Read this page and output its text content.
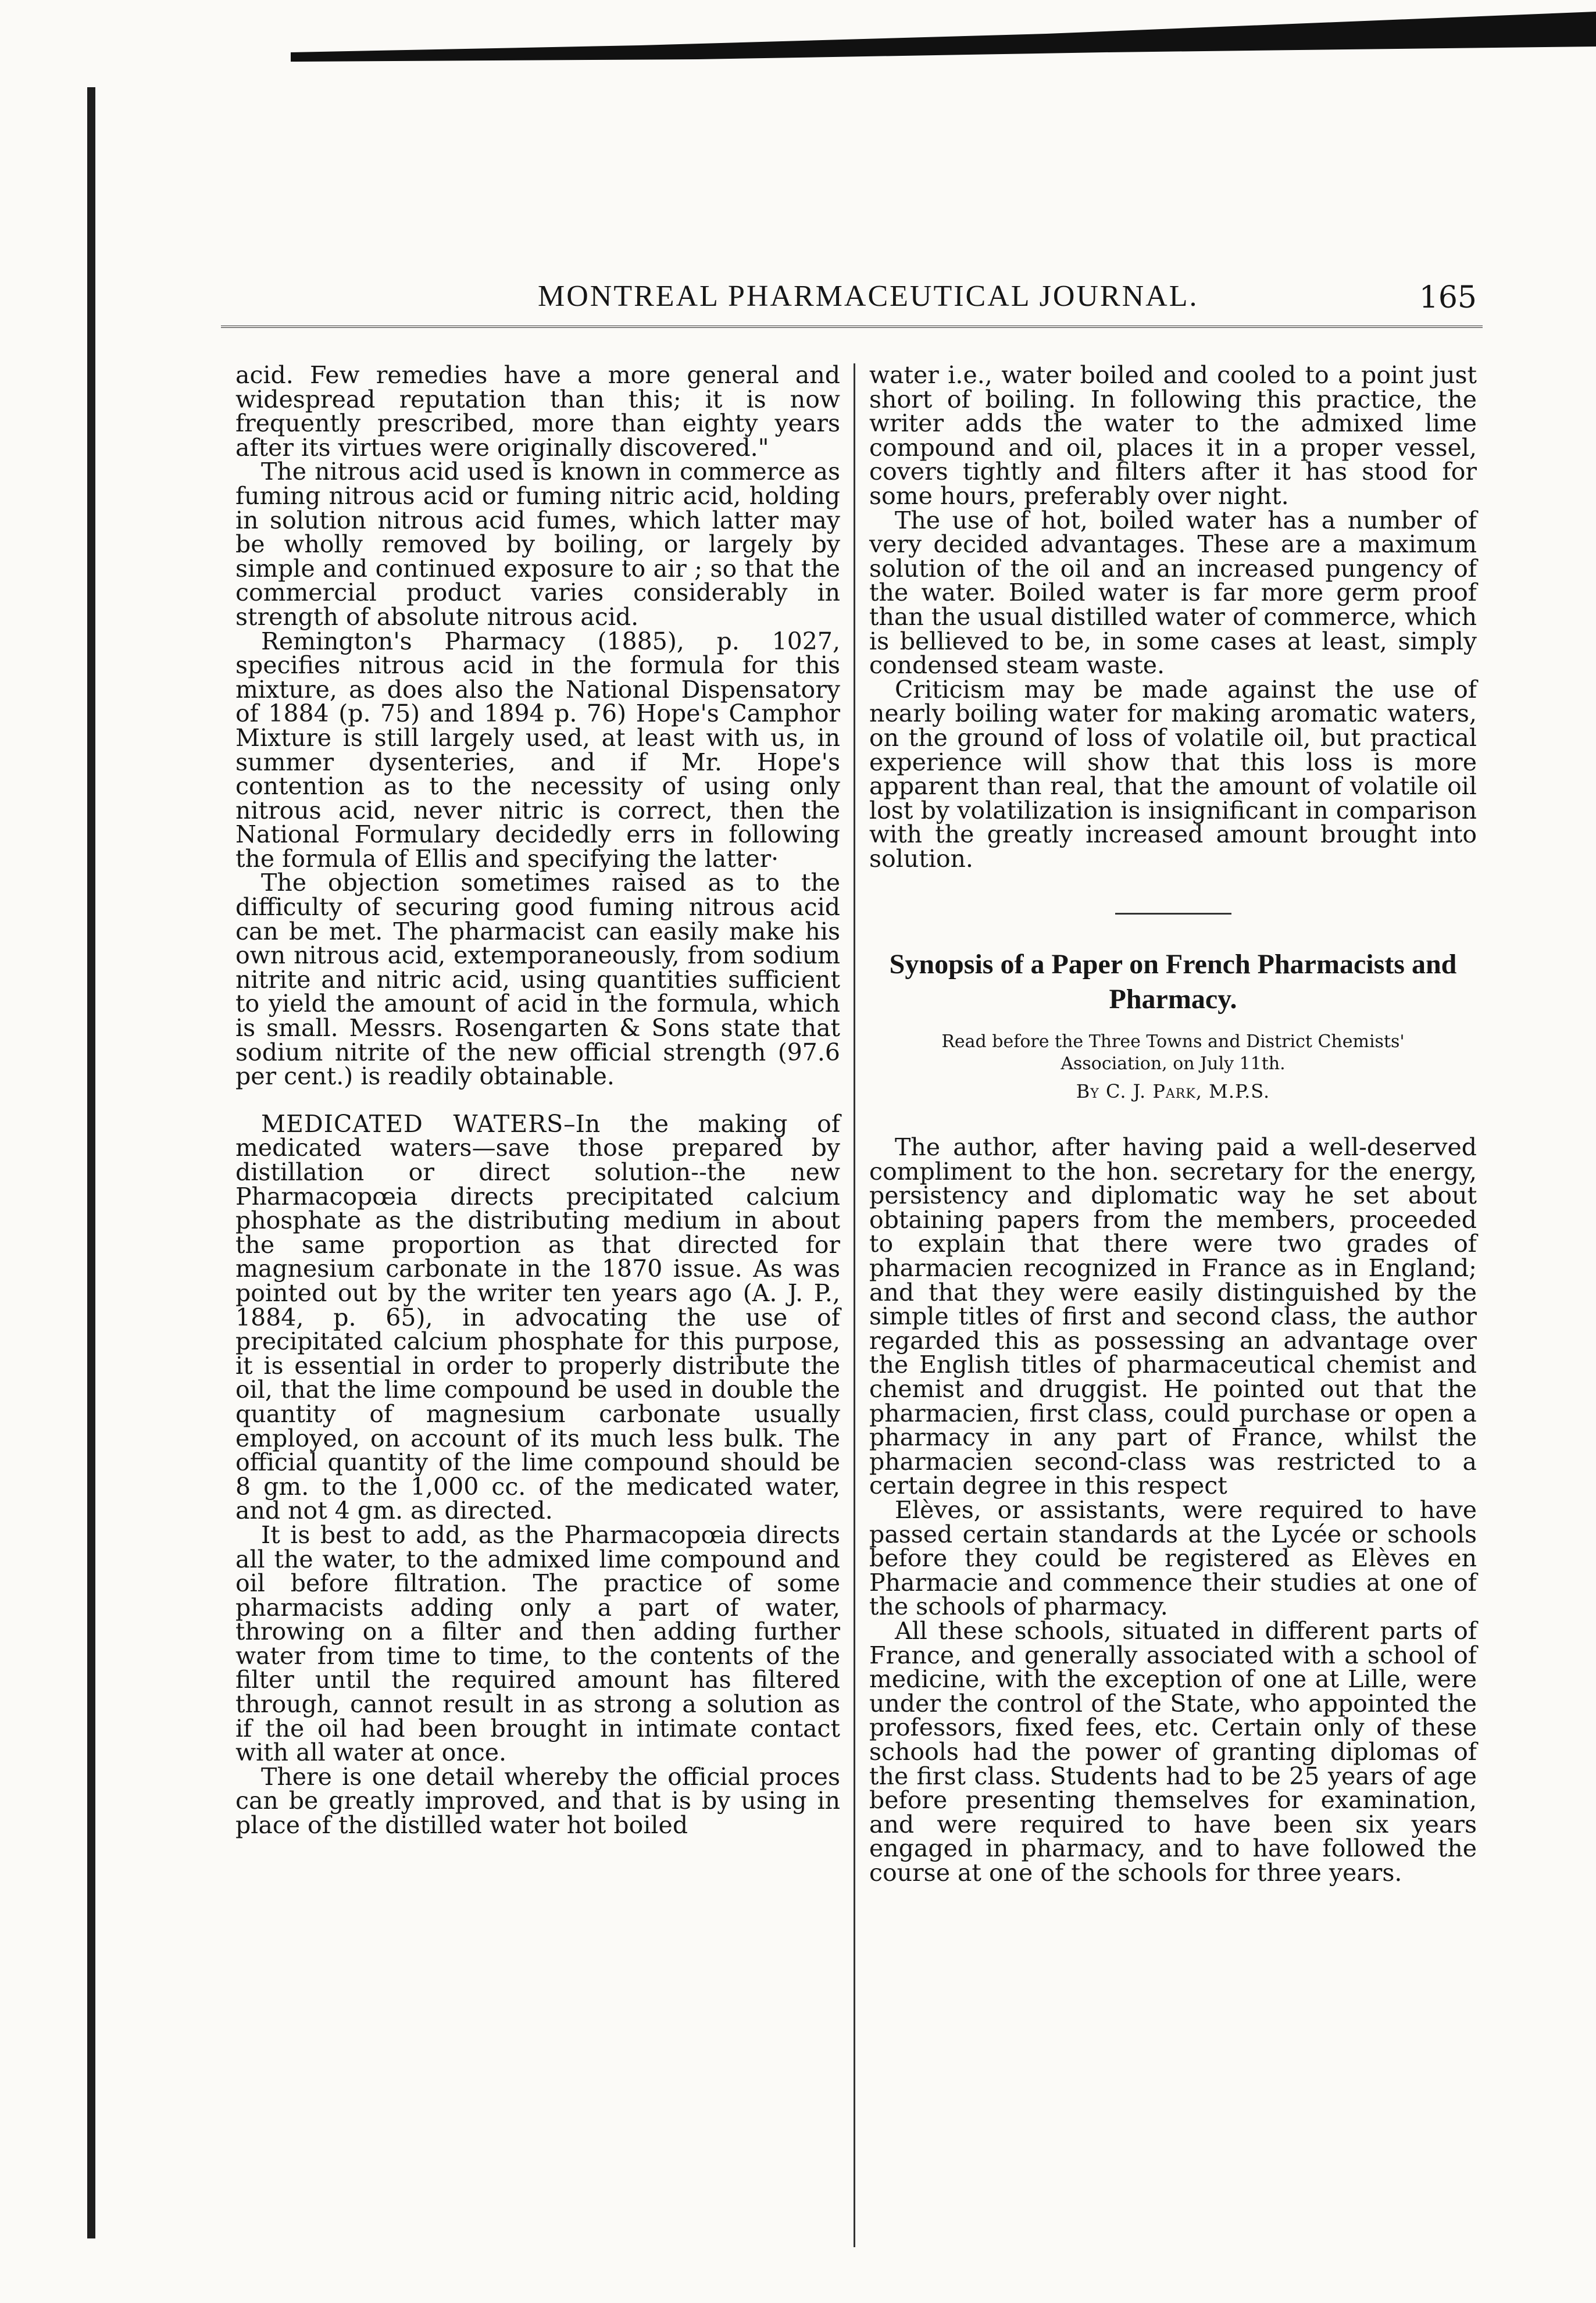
MONTREAL PHARMACEUTICAL JOURNAL.	165

acid. Few remedies have a more general and widespread reputation than this; it is now frequently prescribed, more than eighty years after its virtues were originally discovered."

The nitrous acid used is known in commerce as fuming nitrous acid or fuming nitric acid, holding in solution nitrous acid fumes, which latter may be wholly removed by boiling, or largely by simple and continued exposure to air ; so that the commercial product varies considerably in strength of absolute nitrous acid.

Remington's Pharmacy (1885), p. 1027, specifies nitrous acid in the formula for this mixture, as does also the National Dispensatory of 1884 (p. 75) and 1894 p. 76) Hope's Camphor Mixture is still largely used, at least with us, in summer dysenteries, and if Mr. Hope's contention as to the necessity of using only nitrous acid, never nitric is correct, then the National Formulary decidedly errs in following the formula of Ellis and specifying the latter·

The objection sometimes raised as to the difficulty of securing good fuming nitrous acid can be met. The pharmacist can easily make his own nitrous acid, extemporaneously, from sodium nitrite and nitric acid, using quantities sufficient to yield the amount of acid in the formula, which is small. Messrs. Rosengarten & Sons state that sodium nitrite of the new official strength (97.6 per cent.) is readily obtainable.

MEDICATED WATERS–In the making of medicated waters—save those prepared by distillation or direct solution--the new Pharmacopœia directs precipitated calcium phosphate as the distributing medium in about the same proportion as that directed for magnesium carbonate in the 1870 issue. As was pointed out by the writer ten years ago (A. J. P., 1884, p. 65), in advocating the use of precipitated calcium phosphate for this purpose, it is essential in order to properly distribute the oil, that the lime compound be used in double the quantity of magnesium carbonate usually employed, on account of its much less bulk. The official quantity of the lime compound should be 8 gm. to the 1,000 cc. of the medicated water, and not 4 gm. as directed.

It is best to add, as the Pharmacopœia directs all the water, to the admixed lime compound and oil before filtration. The practice of some pharmacists adding only a part of water, throwing on a filter and then adding further water from time to time, to the contents of the filter until the required amount has filtered through, cannot result in as strong a solution as if the oil had been brought in intimate contact with all water at once.

There is one detail whereby the official proces can be greatly improved, and that is by using in place of the distilled water hot boiled

water i.e., water boiled and cooled to a point just short of boiling. In following this practice, the writer adds the water to the admixed lime compound and oil, places it in a proper vessel, covers tightly and filters after it has stood for some hours, preferably over night.

The use of hot, boiled water has a number of very decided advantages. These are a maximum solution of the oil and an increased pungency of the water. Boiled water is far more germ proof than the usual distilled water of commerce, which is bellieved to be, in some cases at least, simply condensed steam waste.

Criticism may be made against the use of nearly boiling water for making aromatic waters, on the ground of loss of volatile oil, but practical experience will show that this loss is more apparent than real, that the amount of volatile oil lost by volatilization is insignificant in comparison with the greatly increased amount brought into solution.

Synopsis of a Paper on French Pharmacists and Pharmacy.
Read before the Three Towns and District Chemists' Association, on July 11th.
By C. J. Park, M.P.S.

The author, after having paid a well-deserved compliment to the hon. secretary for the energy, persistency and diplomatic way he set about obtaining papers from the members, proceeded to explain that there were two grades of pharmacien recognized in France as in England; and that they were easily distinguished by the simple titles of first and second class, the author regarded this as possessing an advantage over the English titles of pharmaceutical chemist and chemist and druggist. He pointed out that the pharmacien, first class, could purchase or open a pharmacy in any part of France, whilst the pharmacien second-class was restricted to a certain degree in this respect

Elèves, or assistants, were required to have passed certain standards at the Lycée or schools before they could be registered as Elèves en Pharmacie and commence their studies at one of the schools of pharmacy.

All these schools, situated in different parts of France, and generally associated with a school of medicine, with the exception of one at Lille, were under the control of the State, who appointed the professors, fixed fees, etc. Certain only of these schools had the power of granting diplomas of the first class. Students had to be 25 years of age before presenting themselves for examination, and were required to have been six years engaged in pharmacy, and to have followed the course at one of the schools for three years.
